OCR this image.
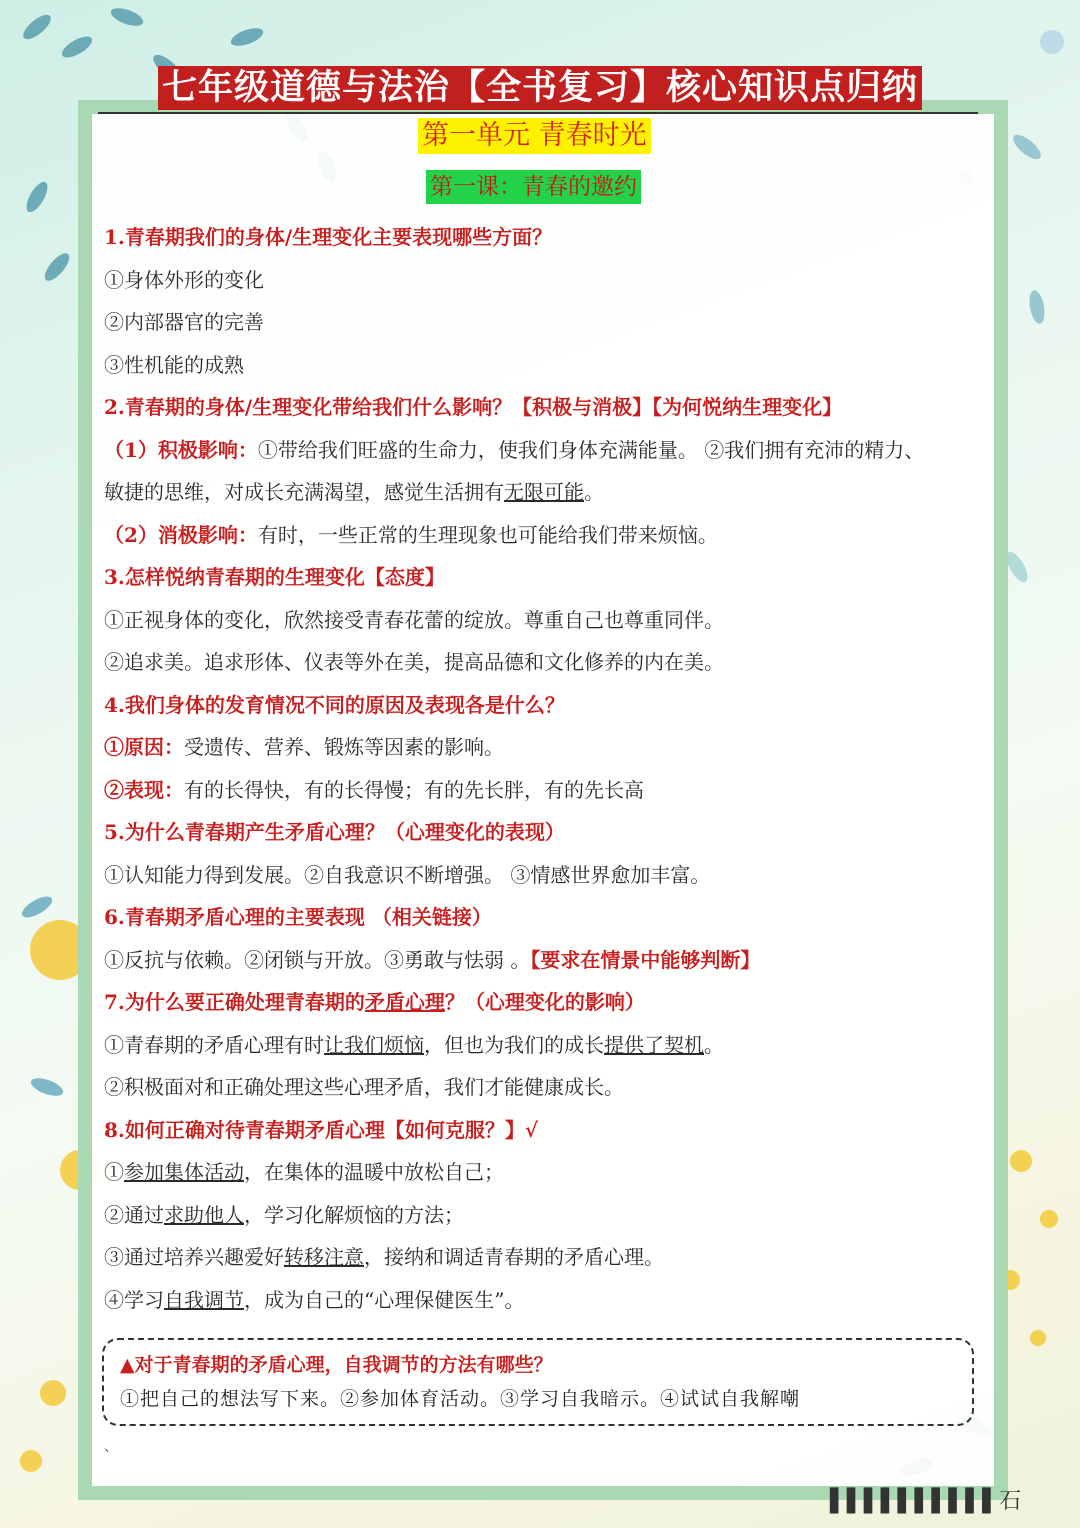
七年级道德与法治【全书复习】核心知识点归纳
第一单元 青春时光
第一课：青春的邀约
1.青春期我们的身体/生理变化主要表现哪些方面？
①身体外形的变化
②内部器官的完善
③性机能的成熟
2.青春期的身体/生理变化带给我们什么影响？【积极与消极】【为何悦纳生理变化】
（1）积极影响：①带给我们旺盛的生命力，使我们身体充满能量。 ②我们拥有充沛的精力、
敏捷的思维，对成长充满渴望，感觉生活拥有无限可能。
（2）消极影响：有时，一些正常的生理现象也可能给我们带来烦恼。
3.怎样悦纳青春期的生理变化【态度】
①正视身体的变化，欣然接受青春花蕾的绽放。尊重自己也尊重同伴。
②追求美。追求形体、仪表等外在美，提高品德和文化修养的内在美。
4.我们身体的发育情况不同的原因及表现各是什么？
①原因：受遗传、营养、锻炼等因素的影响。
②表现：有的长得快，有的长得慢；有的先长胖，有的先长高
5.为什么青春期产生矛盾心理？（心理变化的表现）
①认知能力得到发展。②自我意识不断增强。 ③情感世界愈加丰富。
6.青春期矛盾心理的主要表现 （相关链接）
①反抗与依赖。②闭锁与开放。③勇敢与怯弱 。【要求在情景中能够判断】
7.为什么要正确处理青春期的矛盾心理？（心理变化的影响）
①青春期的矛盾心理有时让我们烦恼，但也为我们的成长提供了契机。
②积极面对和正确处理这些心理矛盾，我们才能健康成长。
8.如何正确对待青春期矛盾心理【如何克服？】√
①参加集体活动，在集体的温暖中放松自己；
②通过求助他人，学习化解烦恼的方法；
③通过培养兴趣爱好转移注意，接纳和调适青春期的矛盾心理。
④学习自我调节，成为自己的“心理保健医生”。
▲对于青春期的矛盾心理，自我调节的方法有哪些？
①把自己的想法写下来。②参加体育活动。③学习自我暗示。④试试自我解嘲
、
▌▌▌▌▌▌▌▌▌▌石
